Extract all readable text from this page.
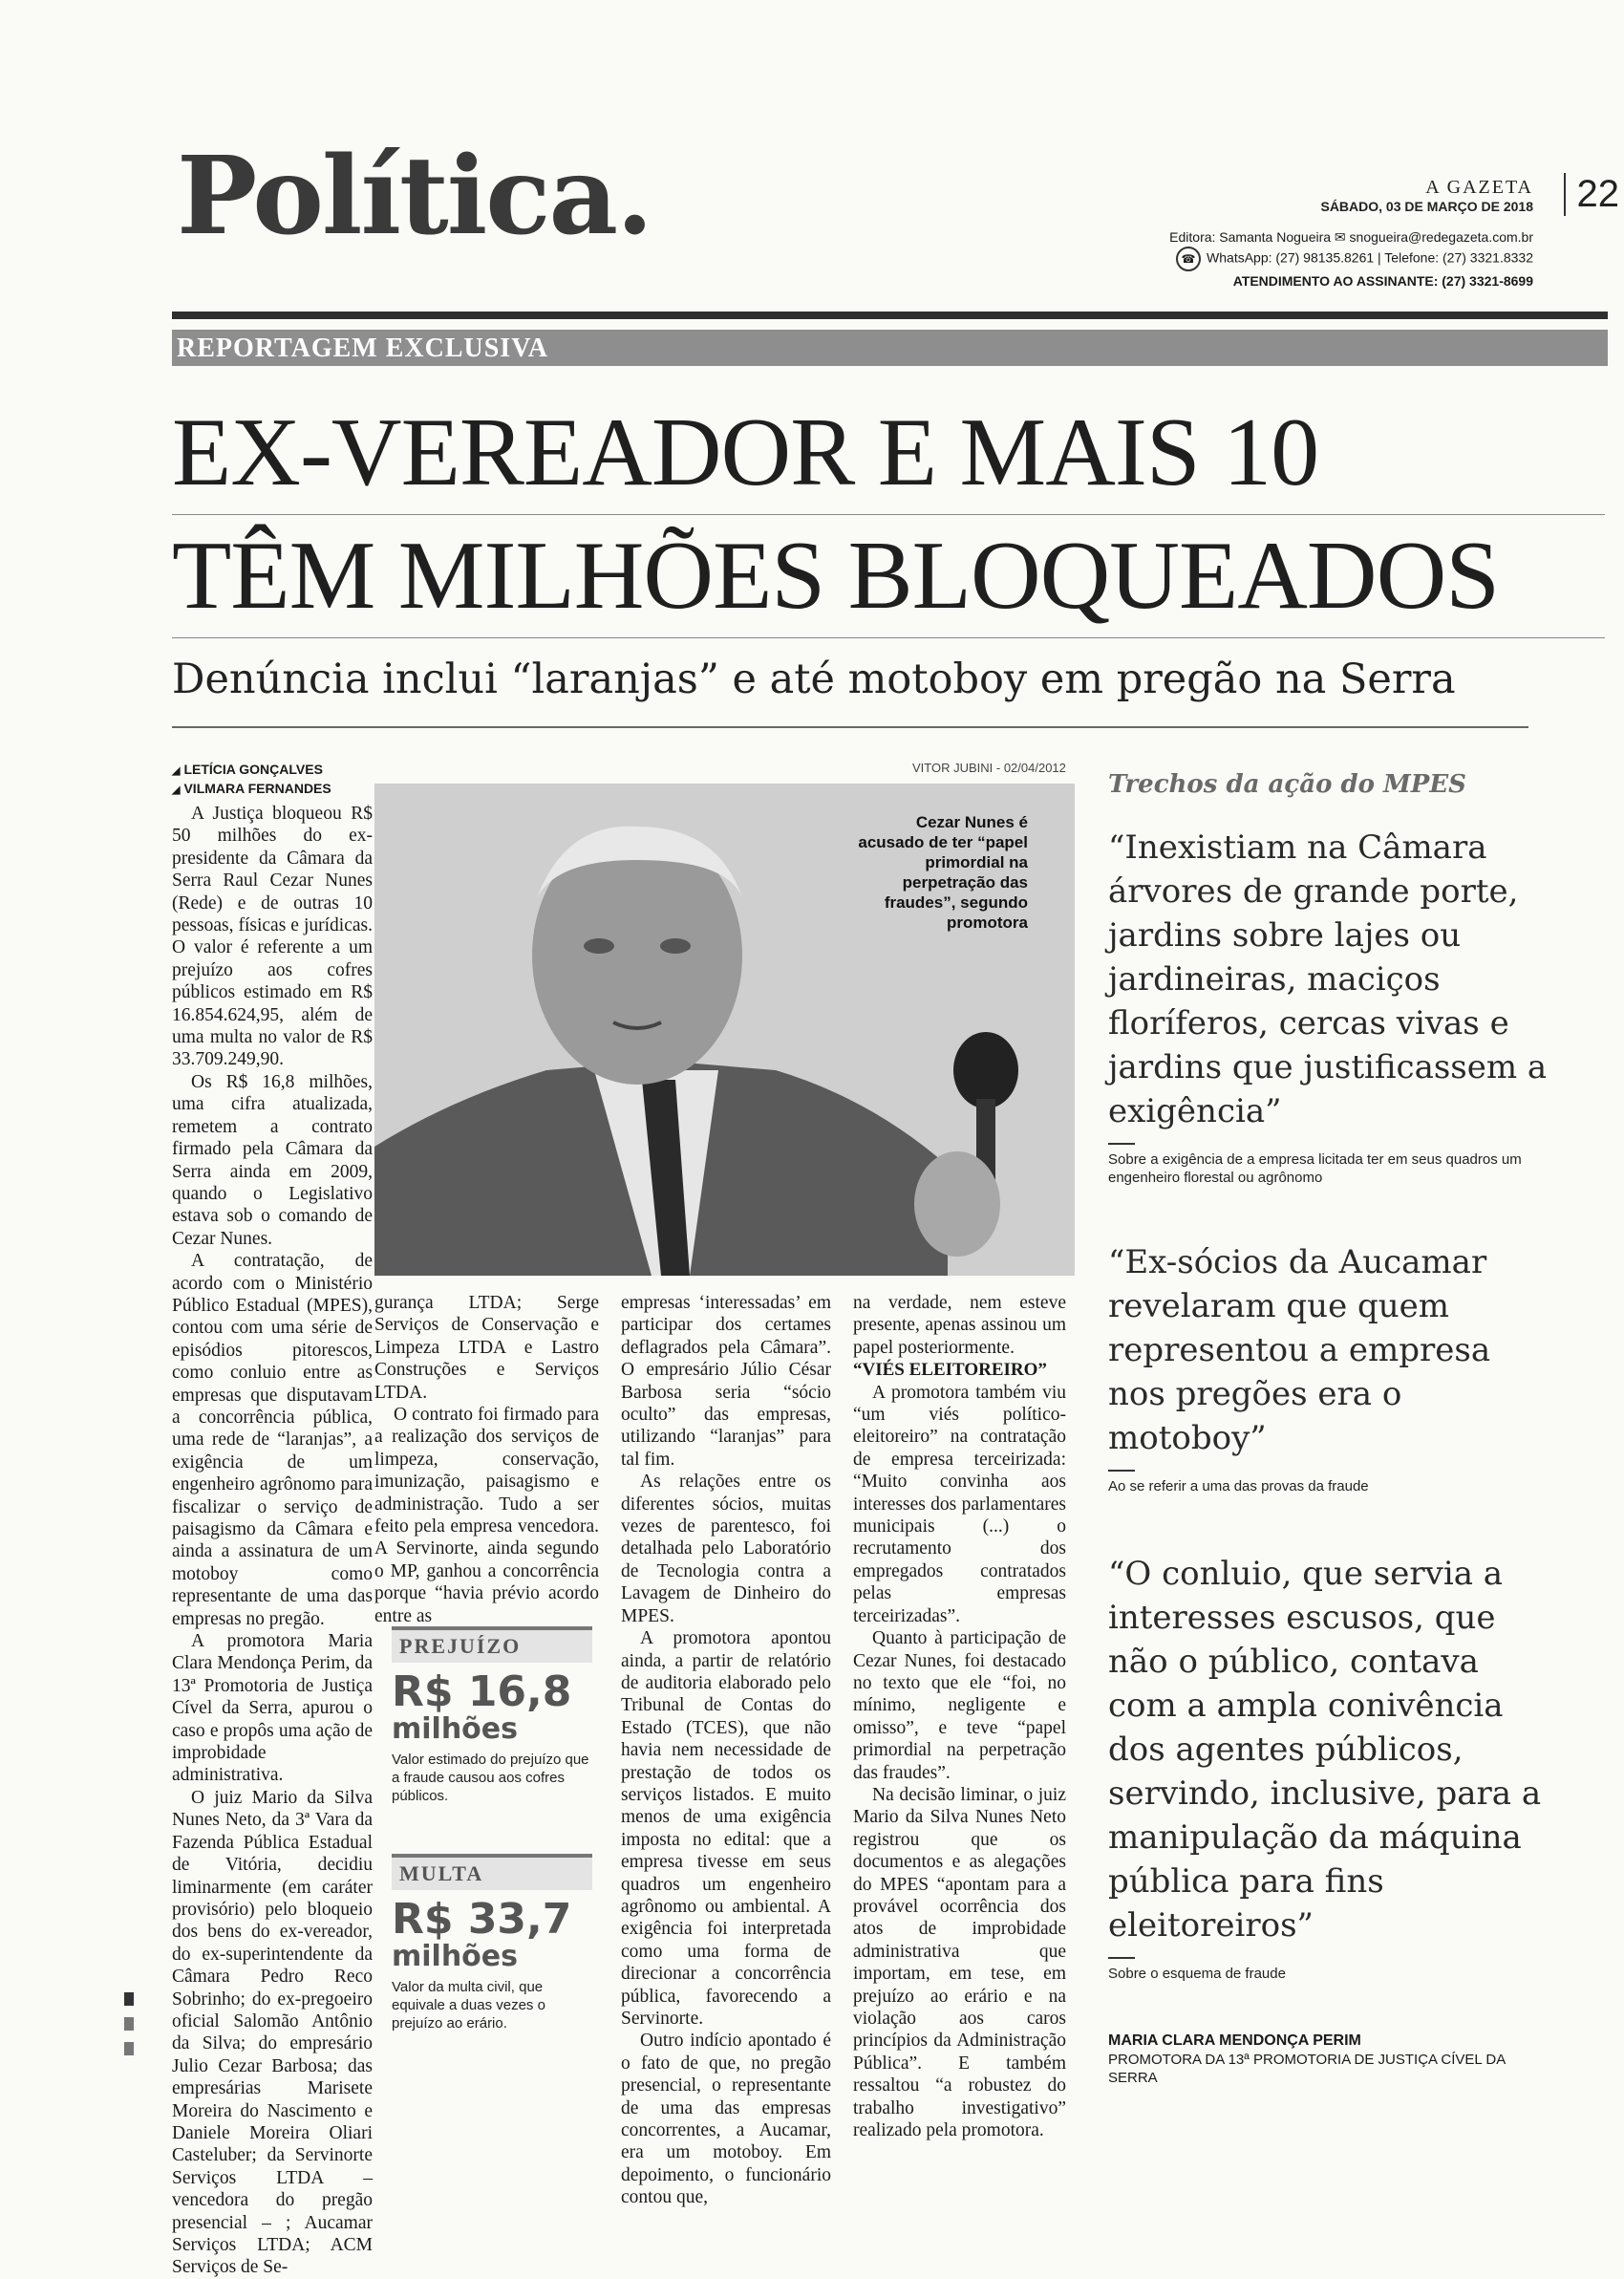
Política.	A GAZETA
SÁBADO, 03 DE MARÇO DE 2018	22
Editora: Samanta Nogueira ✉ snogueira@redegazeta.com.br
☎ WhatsApp: (27) 98135.8261 | Telefone: (27) 3321.8332
ATENDIMENTO AO ASSINANTE: (27) 3321-8699
REPORTAGEM EXCLUSIVA
EX-VEREADOR E MAIS 10
TÊM MILHÕES BLOQUEADOS
Denúncia inclui “laranjas” e até motoboy em pregão na Serra
◢ LETÍCIA GONÇALVES
◢ VILMARA FERNANDES
VITOR JUBINI - 02/04/2012
Cezar Nunes é acusado de ter “papel primordial na perpetração das fraudes”, segundo promotora

A Justiça bloqueou R$ 50 milhões do ex-presidente da Câmara da Serra Raul Cezar Nunes (Rede) e de outras 10 pessoas, físicas e jurídicas. O valor é referente a um prejuízo aos cofres públicos estimado em R$ 16.854.624,95, além de uma multa no valor de R$ 33.709.249,90.

Os R$ 16,8 milhões, uma cifra atualizada, remetem a contrato firmado pela Câmara da Serra ainda em 2009, quando o Legislativo estava sob o comando de Cezar Nunes.

A contratação, de acordo com o Ministério Público Estadual (MPES), contou com uma série de episódios pitorescos, como conluio entre as empresas que disputavam a concorrência pública, uma rede de “laranjas”, a exigência de um engenheiro agrônomo para fiscalizar o serviço de paisagismo da Câmara e ainda a assinatura de um motoboy como representante de uma das empresas no pregão.

A promotora Maria Clara Mendonça Perim, da 13ª Promotoria de Justiça Cível da Serra, apurou o caso e propôs uma ação de improbidade administrativa.

O juiz Mario da Silva Nunes Neto, da 3ª Vara da Fazenda Pública Estadual de Vitória, decidiu liminarmente (em caráter provisório) pelo bloqueio dos bens do ex-vereador, do ex-superintendente da Câmara Pedro Reco Sobrinho; do ex-pregoeiro oficial Salomão Antônio da Silva; do empresário Julio Cezar Barbosa; das empresárias Marisete Moreira do Nascimento e Daniele Moreira Oliari Casteluber; da Servinorte Serviços LTDA – vencedora do pregão presencial – ; Aucamar Serviços LTDA; ACM Serviços de Se-

gurança LTDA; Serge Serviços de Conservação e Limpeza LTDA e Lastro Construções e Serviços LTDA.

O contrato foi firmado para a realização dos serviços de limpeza, conservação, imunização, paisagismo e administração. Tudo a ser feito pela empresa vencedora. A Servinorte, ainda segundo o MP, ganhou a concorrência porque “havia prévio acordo entre as

PREJUÍZO
R$ 16,8
milhões
Valor estimado do prejuízo que a fraude causou aos cofres públicos.
MULTA
R$ 33,7
milhões
Valor da multa civil, que equivale a duas vezes o prejuízo ao erário.

empresas ‘interessadas’ em participar dos certames deflagrados pela Câmara”. O empresário Júlio César Barbosa seria “sócio oculto” das empresas, utilizando “laranjas” para tal fim.

As relações entre os diferentes sócios, muitas vezes de parentesco, foi detalhada pelo Laboratório de Tecnologia contra a Lavagem de Dinheiro do MPES.

A promotora apontou ainda, a partir de relatório de auditoria elaborado pelo Tribunal de Contas do Estado (TCES), que não havia nem necessidade de prestação de todos os serviços listados. E muito menos de uma exigência imposta no edital: que a empresa tivesse em seus quadros um engenheiro agrônomo ou ambiental. A exigência foi interpretada como uma forma de direcionar a concorrência pública, favorecendo a Servinorte.

Outro indício apontado é o fato de que, no pregão presencial, o representante de uma das empresas concorrentes, a Aucamar, era um motoboy. Em depoimento, o funcionário contou que,

na verdade, nem esteve presente, apenas assinou um papel posteriormente.

“VIÉS ELEITOREIRO”

A promotora também viu “um viés político-eleitoreiro” na contratação de empresa terceirizada: “Muito convinha aos interesses dos parlamentares municipais (...) o recrutamento dos empregados contratados pelas empresas terceirizadas”.

Quanto à participação de Cezar Nunes, foi destacado no texto que ele “foi, no mínimo, negligente e omisso”, e teve “papel primordial na perpetração das fraudes”.

Na decisão liminar, o juiz Mario da Silva Nunes Neto registrou que os documentos e as alegações do MPES “apontam para a provável ocorrência dos atos de improbidade administrativa que importam, em tese, em prejuízo ao erário e na violação aos caros princípios da Administração Pública”. E também ressaltou “a robustez do trabalho investigativo” realizado pela promotora.

Trechos da ação do MPES

“Inexistiam na Câmara árvores de grande porte, jardins sobre lajes ou jardineiras, maciços floríferos, cercas vivas e jardins que justificassem a exigência”

Sobre a exigência de a empresa licitada ter em seus quadros um engenheiro florestal ou agrônomo

“Ex-sócios da Aucamar revelaram que quem representou a empresa nos pregões era o motoboy”

Ao se referir a uma das provas da fraude

“O conluio, que servia a interesses escusos, que não o público, contava com a ampla conivência dos agentes públicos, servindo, inclusive, para a manipulação da máquina pública para fins eleitoreiros”

Sobre o esquema de fraude
MARIA CLARA MENDONÇA PERIM
PROMOTORA DA 13ª PROMOTORIA DE JUSTIÇA CÍVEL DA SERRA
